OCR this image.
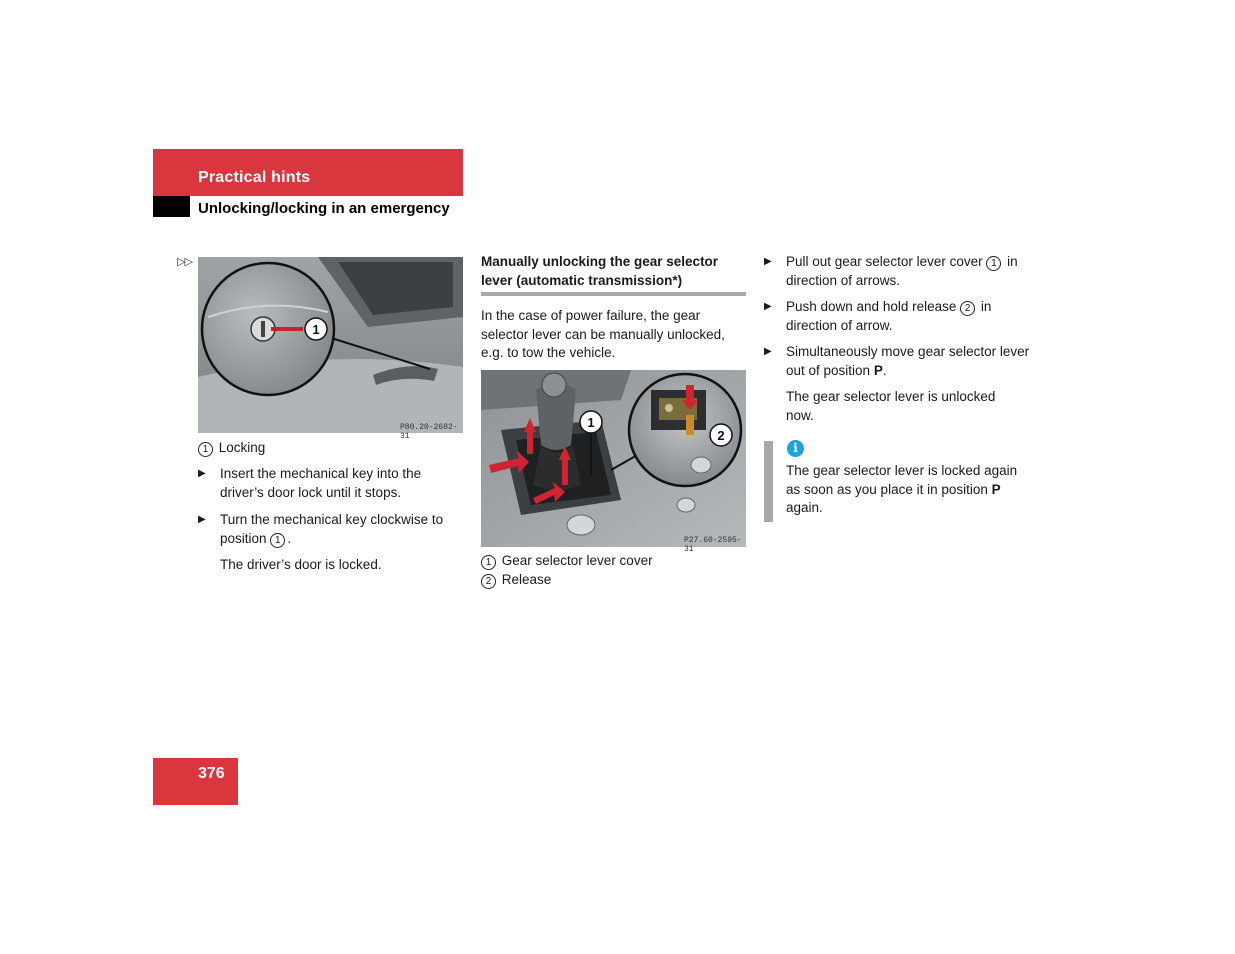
Practical hints
Unlocking/locking in an emergency
▷▷
1
P80.20-2682-31
1 Locking
▶ Insert the mechanical key into the driver’s door lock until it stops.
▶ Turn the mechanical key clockwise to position 1 .
The driver’s door is locked.
Manually unlocking the gear selector lever (automatic transmission*)
In the case of power failure, the gear selector lever can be manually unlocked, e.g. to tow the vehicle.
1
2
P27.60-2595-31
1 Gear selector lever cover
2 Release
▶ Pull out gear selector lever cover 1 in direction of arrows.
▶ Push down and hold release 2 in direction of arrow.
▶ Simultaneously move gear selector lever out of position P.
The gear selector lever is unlocked now.
i
The gear selector lever is locked again as soon as you place it in position P again.
376
